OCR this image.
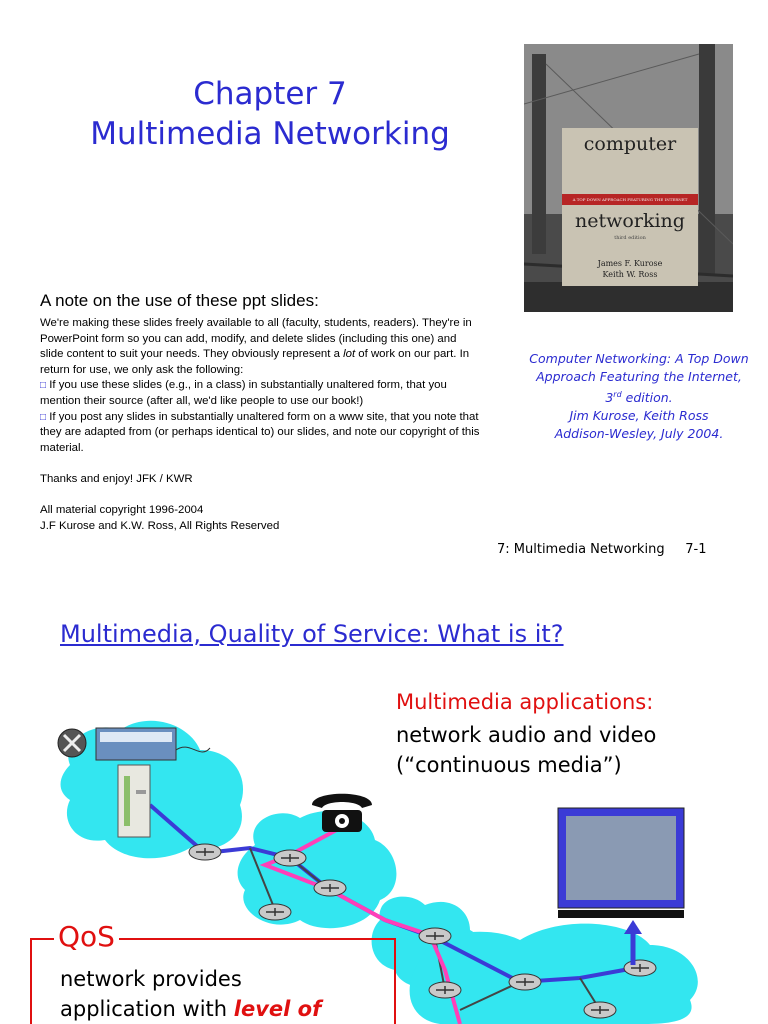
Chapter 7
Multimedia Networking	computer
A TOP DOWN APPROACH FEATURING THE INTERNET
networking
third edition
James F. Kurose
Keith W. Ross
A note on the use of these ppt slides:

We're making these slides freely available to all (faculty, students, readers). They're in PowerPoint form so you can add, modify, and delete slides (including this one) and slide content to suit your needs. They obviously represent a lot of work on our part. In return for use, we only ask the following:

□ If you use these slides (e.g., in a class) in substantially unaltered form, that you mention their source (after all, we'd like people to use our book!)

□ If you post any slides in substantially unaltered form on a www site, that you note that they are adapted from (or perhaps identical to) our slides, and note our copyright of this material.

Thanks and enjoy! JFK / KWR

All material copyright 1996-2004

J.F Kurose and K.W. Ross, All Rights Reserved

Computer Networking: A Top Down Approach Featuring the Internet,
3rd edition.
Jim Kurose, Keith Ross
Addison-Wesley, July 2004.
7: Multimedia Networking 7-1
Multimedia, Quality of Service: What is it?
Multimedia applications:
network audio and video
(“continuous media”)
QoS
network provides
application with level of
